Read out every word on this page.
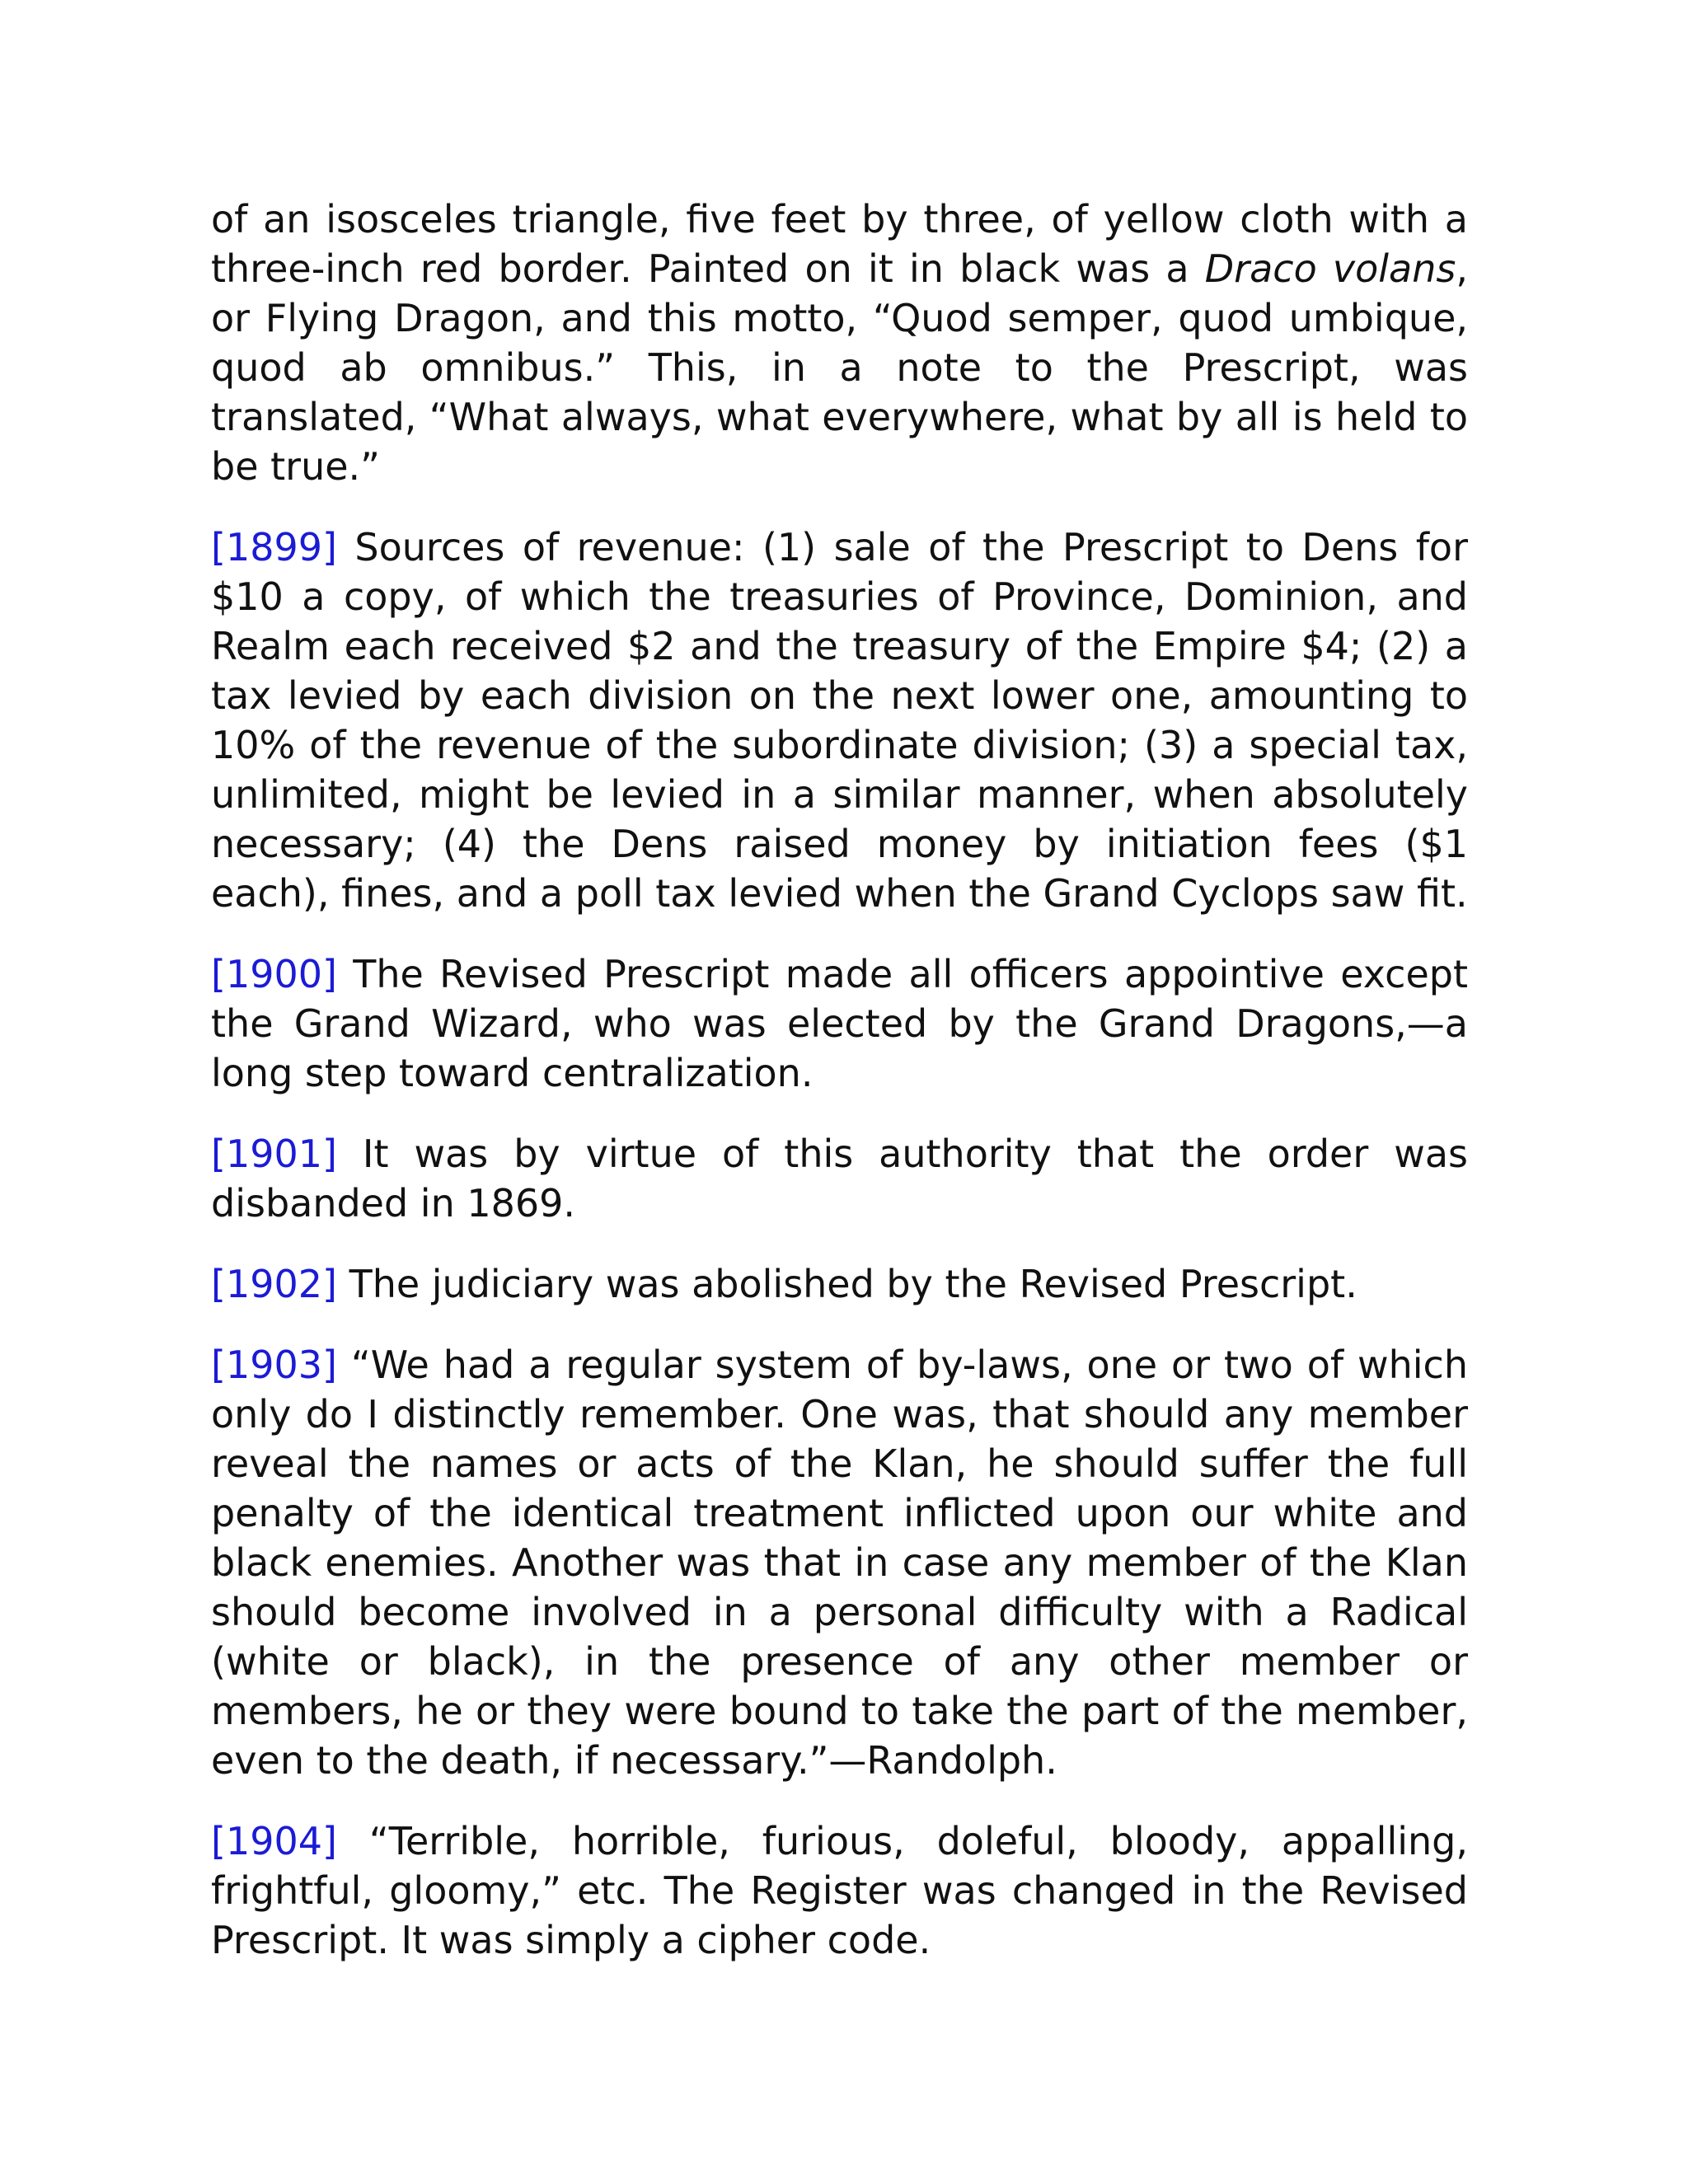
of an isosceles triangle, five feet by three, of yellow cloth with a three-inch red border. Painted on it in black was a Draco volans, or Flying Dragon, and this motto, “Quod semper, quod umbique, quod ab omnibus.” This, in a note to the Prescript, was translated, “What always, what everywhere, what by all is held to be true.”

[1899] Sources of revenue: (1) sale of the Prescript to Dens for $10 a copy, of which the treasuries of Province, Dominion, and Realm each received $2 and the treasury of the Empire $4; (2) a tax levied by each division on the next lower one, amounting to 10% of the revenue of the subordinate division; (3) a special tax, unlimited, might be levied in a similar manner, when absolutely necessary; (4) the Dens raised money by initiation fees ($1 each), fines, and a poll tax levied when the Grand Cyclops saw fit.

[1900] The Revised Prescript made all officers appointive except the Grand Wizard, who was elected by the Grand Dragons,—a long step toward centralization.

[1901] It was by virtue of this authority that the order was disbanded in 1869.

[1902] The judiciary was abolished by the Revised Prescript.

[1903] “We had a regular system of by-laws, one or two of which only do I distinctly remember. One was, that should any member reveal the names or acts of the Klan, he should suffer the full penalty of the identical treatment inflicted upon our white and black enemies. Another was that in case any member of the Klan should become involved in a personal difficulty with a Radical (white or black), in the presence of any other member or members, he or they were bound to take the part of the member, even to the death, if necessary.”—Randolph.

[1904] “Terrible, horrible, furious, doleful, bloody, appalling, frightful, gloomy,” etc. The Register was changed in the Revised Prescript. It was simply a cipher code.
